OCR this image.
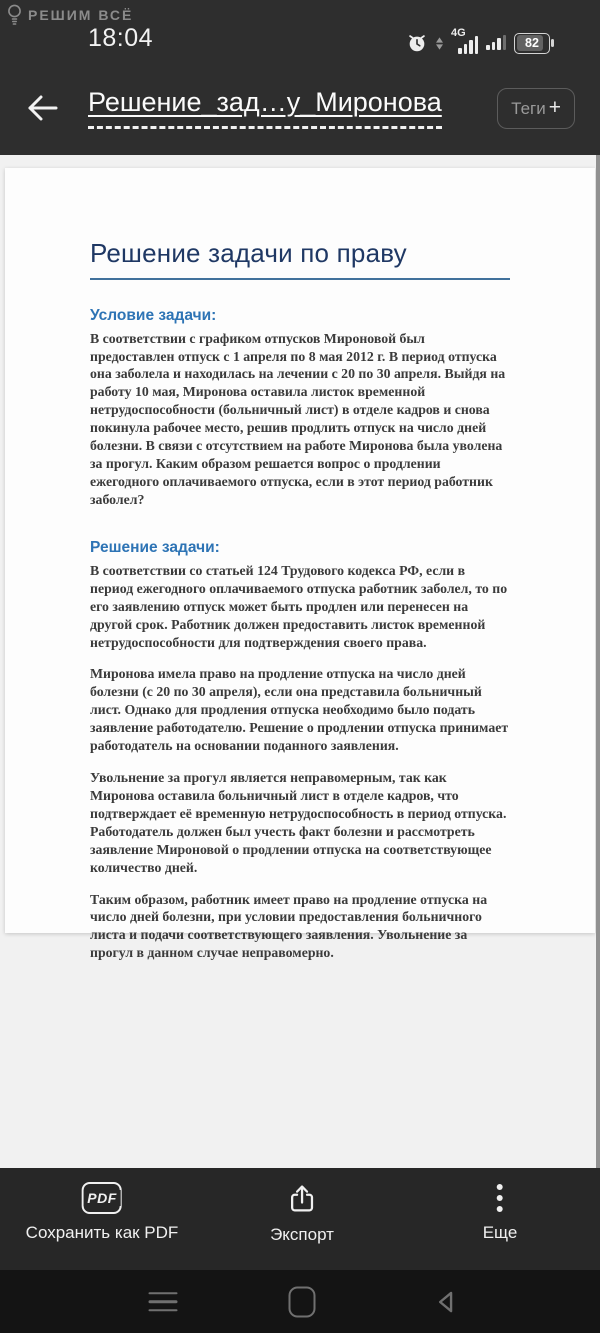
РЕШИМ ВСЁ
18:04	4G
82
Решение_зад…у_Миронова	Теги +
Решение задачи по праву
Условие задачи:

В соответствии с графиком отпусков Мироновой был предоставлен отпуск с 1 апреля по 8 мая 2012 г. В период отпуска она заболела и находилась на лечении с 20 по 30 апреля. Выйдя на работу 10 мая, Миронова оставила листок временной нетрудоспособности (больничный лист) в отделе кадров и снова покинула рабочее место, решив продлить отпуск на число дней болезни. В связи с отсутствием на работе Миронова была уволена за прогул. Каким образом решается вопрос о продлении ежегодного оплачиваемого отпуска, если в этот период работник заболел?

Решение задачи:

В соответствии со статьей 124 Трудового кодекса РФ, если в период ежегодного оплачиваемого отпуска работник заболел, то по его заявлению отпуск может быть продлен или перенесен на другой срок. Работник должен предоставить листок временной нетрудоспособности для подтверждения своего права.

Миронова имела право на продление отпуска на число дней болезни (с 20 по 30 апреля), если она представила больничный лист. Однако для продления отпуска необходимо было подать заявление работодателю. Решение о продлении отпуска принимает работодатель на основании поданного заявления.

Увольнение за прогул является неправомерным, так как Миронова оставила больничный лист в отделе кадров, что подтверждает её временную нетрудоспособность в период отпуска. Работодатель должен был учесть факт болезни и рассмотреть заявление Мироновой о продлении отпуска на соответствующее количество дней.

Таким образом, работник имеет право на продление отпуска на число дней болезни, при условии предоставления больничного листа и подачи соответствующего заявления. Увольнение за прогул в данном случае неправомерно.

PDF
Сохранить как PDF	Экспорт	Еще
